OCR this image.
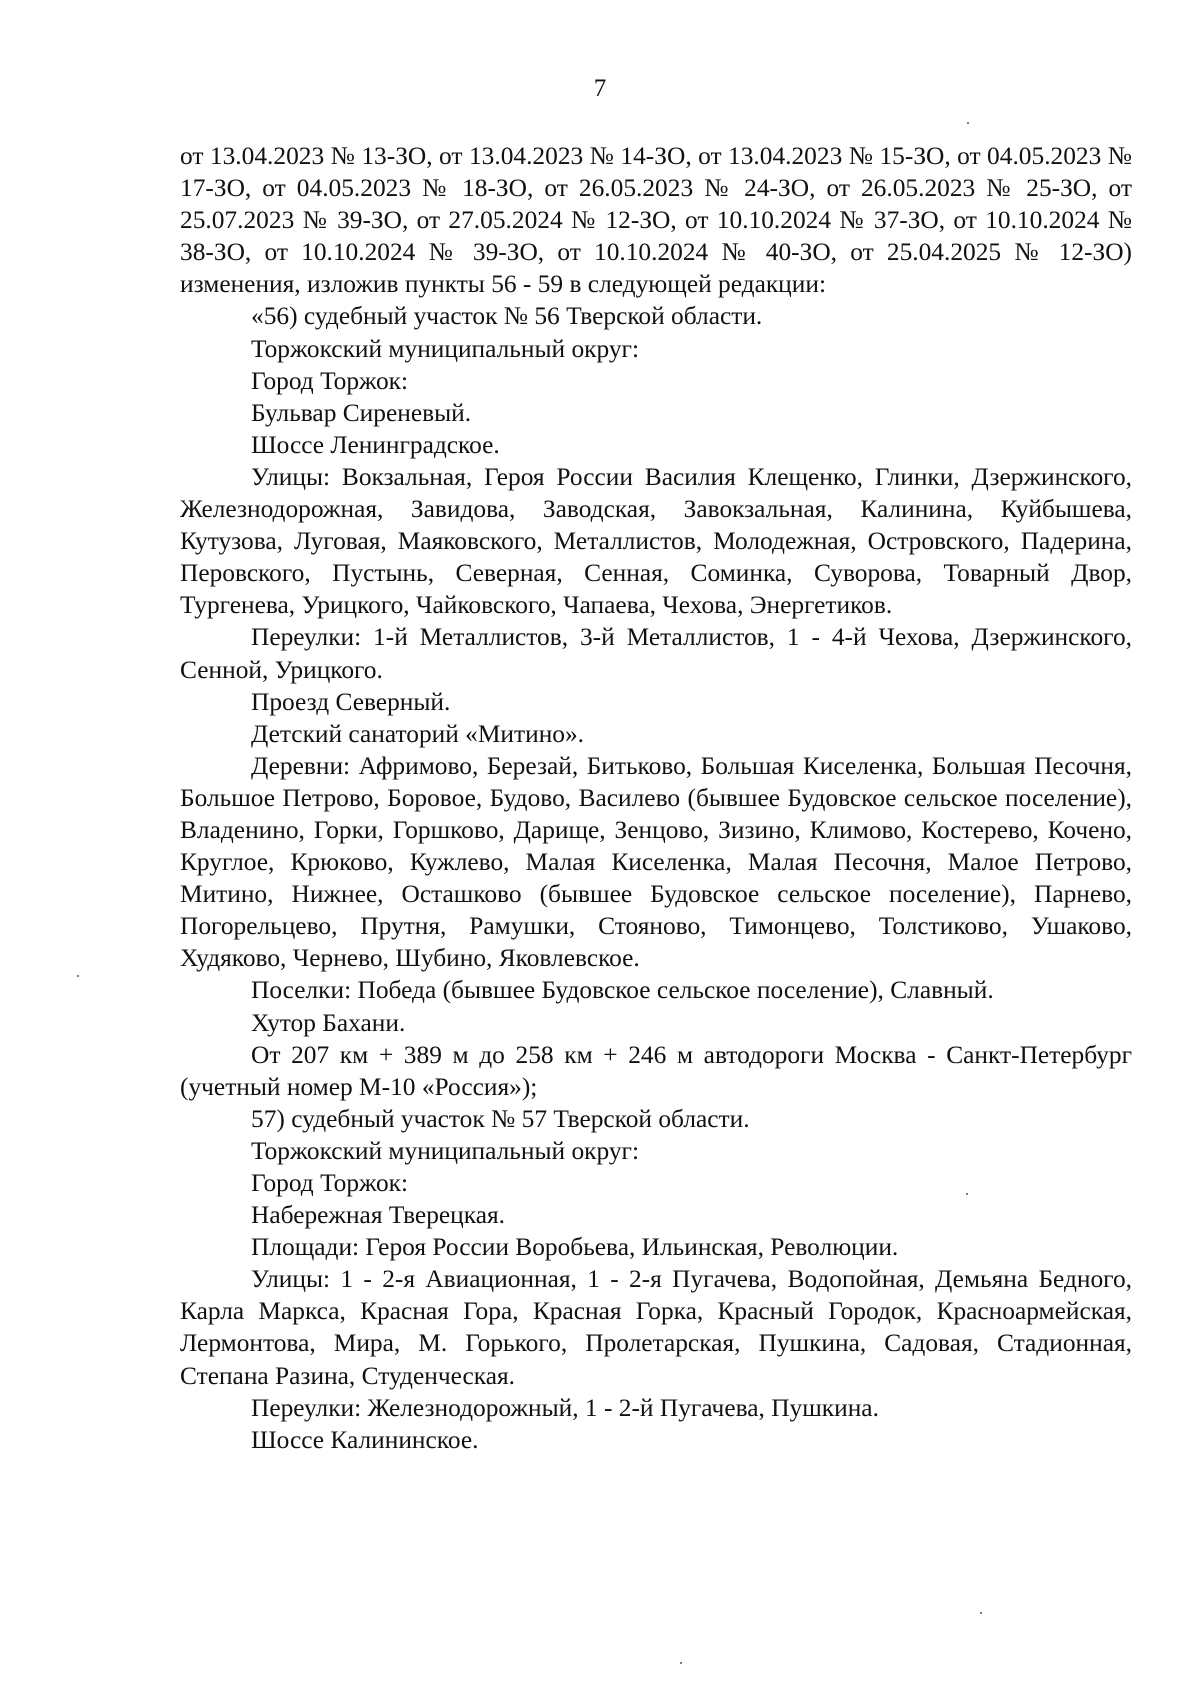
7

от 13.04.2023 № 13-ЗО, от 13.04.2023 № 14-ЗО, от 13.04.2023 № 15-ЗО, от 04.05.2023 № 17-ЗО, от 04.05.2023 № 18-ЗО, от 26.05.2023 № 24-ЗО, от 26.05.2023 № 25-ЗО, от 25.07.2023 № 39-ЗО, от 27.05.2024 № 12-ЗО, от 10.10.2024 № 37-ЗО, от 10.10.2024 № 38-ЗО, от 10.10.2024 № 39-ЗО, от 10.10.2024 № 40-ЗО, от 25.04.2025 № 12-ЗО) изменения, изложив пункты 56 - 59 в следующей редакции:

«56) судебный участок № 56 Тверской области.

Торжокский муниципальный округ:

Город Торжок:

Бульвар Сиреневый.

Шоссе Ленинградское.

Улицы: Вокзальная, Героя России Василия Клещенко, Глинки, Дзержинского, Железнодорожная, Завидова, Заводская, Завокзальная, Калинина, Куйбышева, Кутузова, Луговая, Маяковского, Металлистов, Молодежная, Островского, Падерина, Перовского, Пустынь, Северная, Сенная, Соминка, Суворова, Товарный Двор, Тургенева, Урицкого, Чайковского, Чапаева, Чехова, Энергетиков.

Переулки: 1-й Металлистов, 3-й Металлистов, 1 - 4-й Чехова, Дзержинского, Сенной, Урицкого.

Проезд Северный.

Детский санаторий «Митино».

Деревни: Афримово, Березай, Битьково, Большая Киселенка, Большая Песочня, Большое Петрово, Боровое, Будово, Василево (бывшее Будовское сельское поселение), Владенино, Горки, Горшково, Дарище, Зенцово, Зизино, Климово, Костерево, Кочено, Круглое, Крюково, Кужлево, Малая Киселенка, Малая Песочня, Малое Петрово, Митино, Нижнее, Осташково (бывшее Будовское сельское поселение), Парнево, Погорельцево, Прутня, Рамушки, Стояново, Тимонцево, Толстиково, Ушаково, Худяково, Чернево, Шубино, Яковлевское.

Поселки: Победа (бывшее Будовское сельское поселение), Славный.

Хутор Бахани.

От 207 км + 389 м до 258 км + 246 м автодороги Москва - Санкт-Петербург (учетный номер М-10 «Россия»);

57) судебный участок № 57 Тверской области.

Торжокский муниципальный округ:

Город Торжок:

Набережная Тверецкая.

Площади: Героя России Воробьева, Ильинская, Революции.

Улицы: 1 - 2-я Авиационная, 1 - 2-я Пугачева, Водопойная, Демьяна Бедного, Карла Маркса, Красная Гора, Красная Горка, Красный Городок, Красноармейская, Лермонтова, Мира, М. Горького, Пролетарская, Пушкина, Садовая, Стадионная, Степана Разина, Студенческая.

Переулки: Железнодорожный, 1 - 2-й Пугачева, Пушкина.

Шоссе Калининское.
